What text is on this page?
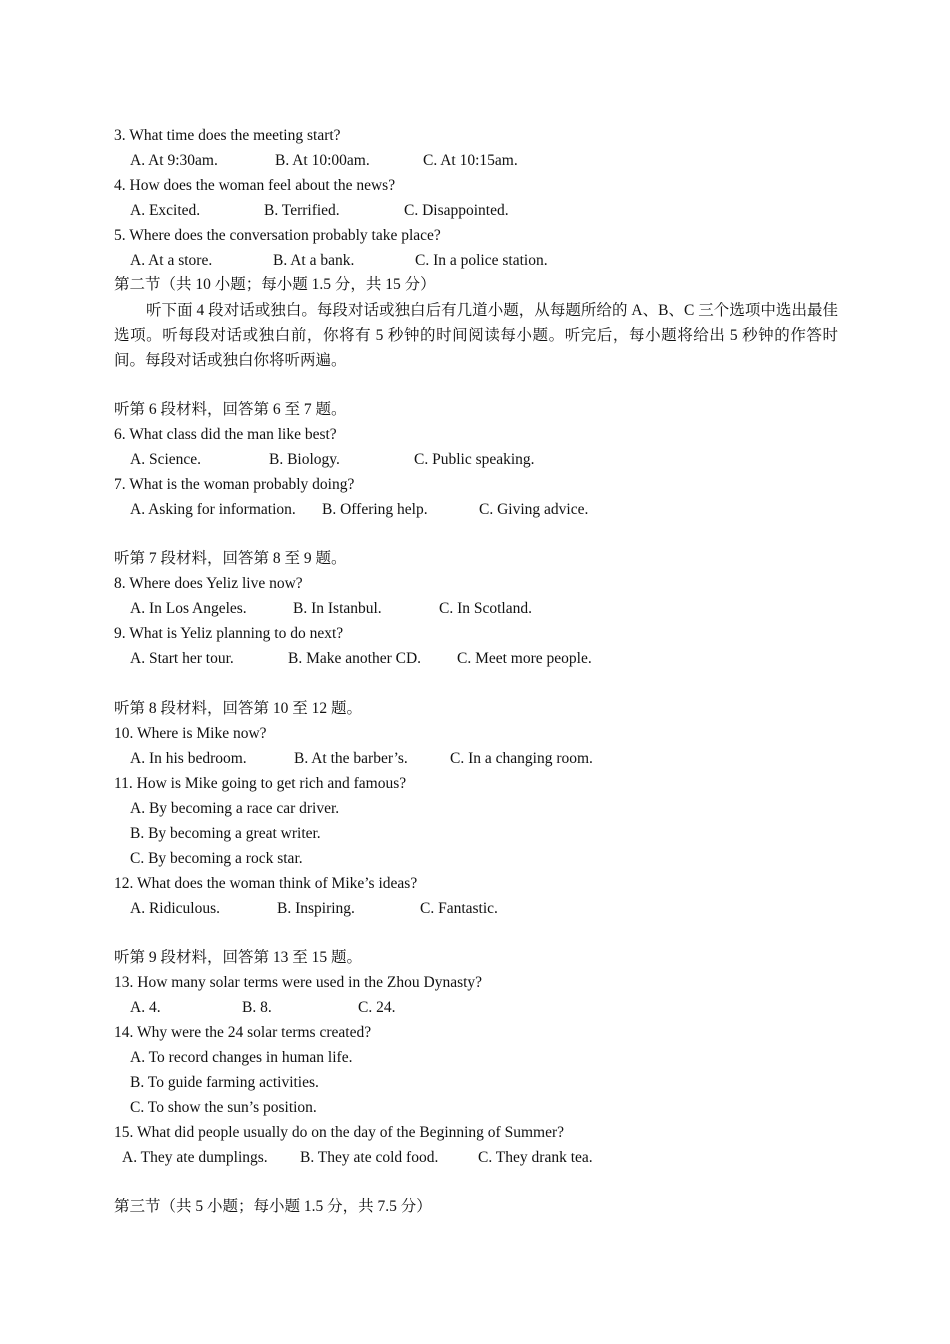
3. What time does the meeting start?
A. At 9:30am.	B. At 10:00am.	C. At 10:15am.
4. How does the woman feel about the news?
A. Excited.	B. Terrified.	C. Disappointed.
5. Where does the conversation probably take place?
A. At a store.	B. At a bank.	C. In a police station.
第二节（共 10 小题；每小题 1.5 分，共 15 分）
听下面 4 段对话或独白。每段对话或独白后有几道小题，从每题所给的 A、B、C 三个选项中选出最佳选项。听每段对话或独白前，你将有 5 秒钟的时间阅读每小题。听完后，每小题将给出 5 秒钟的作答时间。每段对话或独白你将听两遍。
听第 6 段材料，回答第 6 至 7 题。
6. What class did the man like best?
A. Science.	B. Biology.	C. Public speaking.
7. What is the woman probably doing?
A. Asking for information. B. Offering help.	C. Giving advice.
听第 7 段材料，回答第 8 至 9 题。
8. Where does Yeliz live now?
A. In Los Angeles.	B. In Istanbul.	C. In Scotland.
9. What is Yeliz planning to do next?
A. Start her tour.	B. Make another CD. C. Meet more people.
听第 8 段材料，回答第 10 至 12 题。
10. Where is Mike now?
A. In his bedroom.	B. At the barber’s.	C. In a changing room.
11. How is Mike going to get rich and famous?
A. By becoming a race car driver.
B. By becoming a great writer.
C. By becoming a rock star.
12. What does the woman think of Mike’s ideas?
A. Ridiculous.	B. Inspiring.	C. Fantastic.
听第 9 段材料，回答第 13 至 15 题。
13. How many solar terms were used in the Zhou Dynasty?
A. 4.	B. 8.	C. 24.
14. Why were the 24 solar terms created?
A. To record changes in human life.
B. To guide farming activities.
C. To show the sun’s position.
15. What did people usually do on the day of the Beginning of Summer?
A. They ate dumplings. B. They ate cold food.	C. They drank tea.
第三节（共 5 小题；每小题 1.5 分，共 7.5 分）
